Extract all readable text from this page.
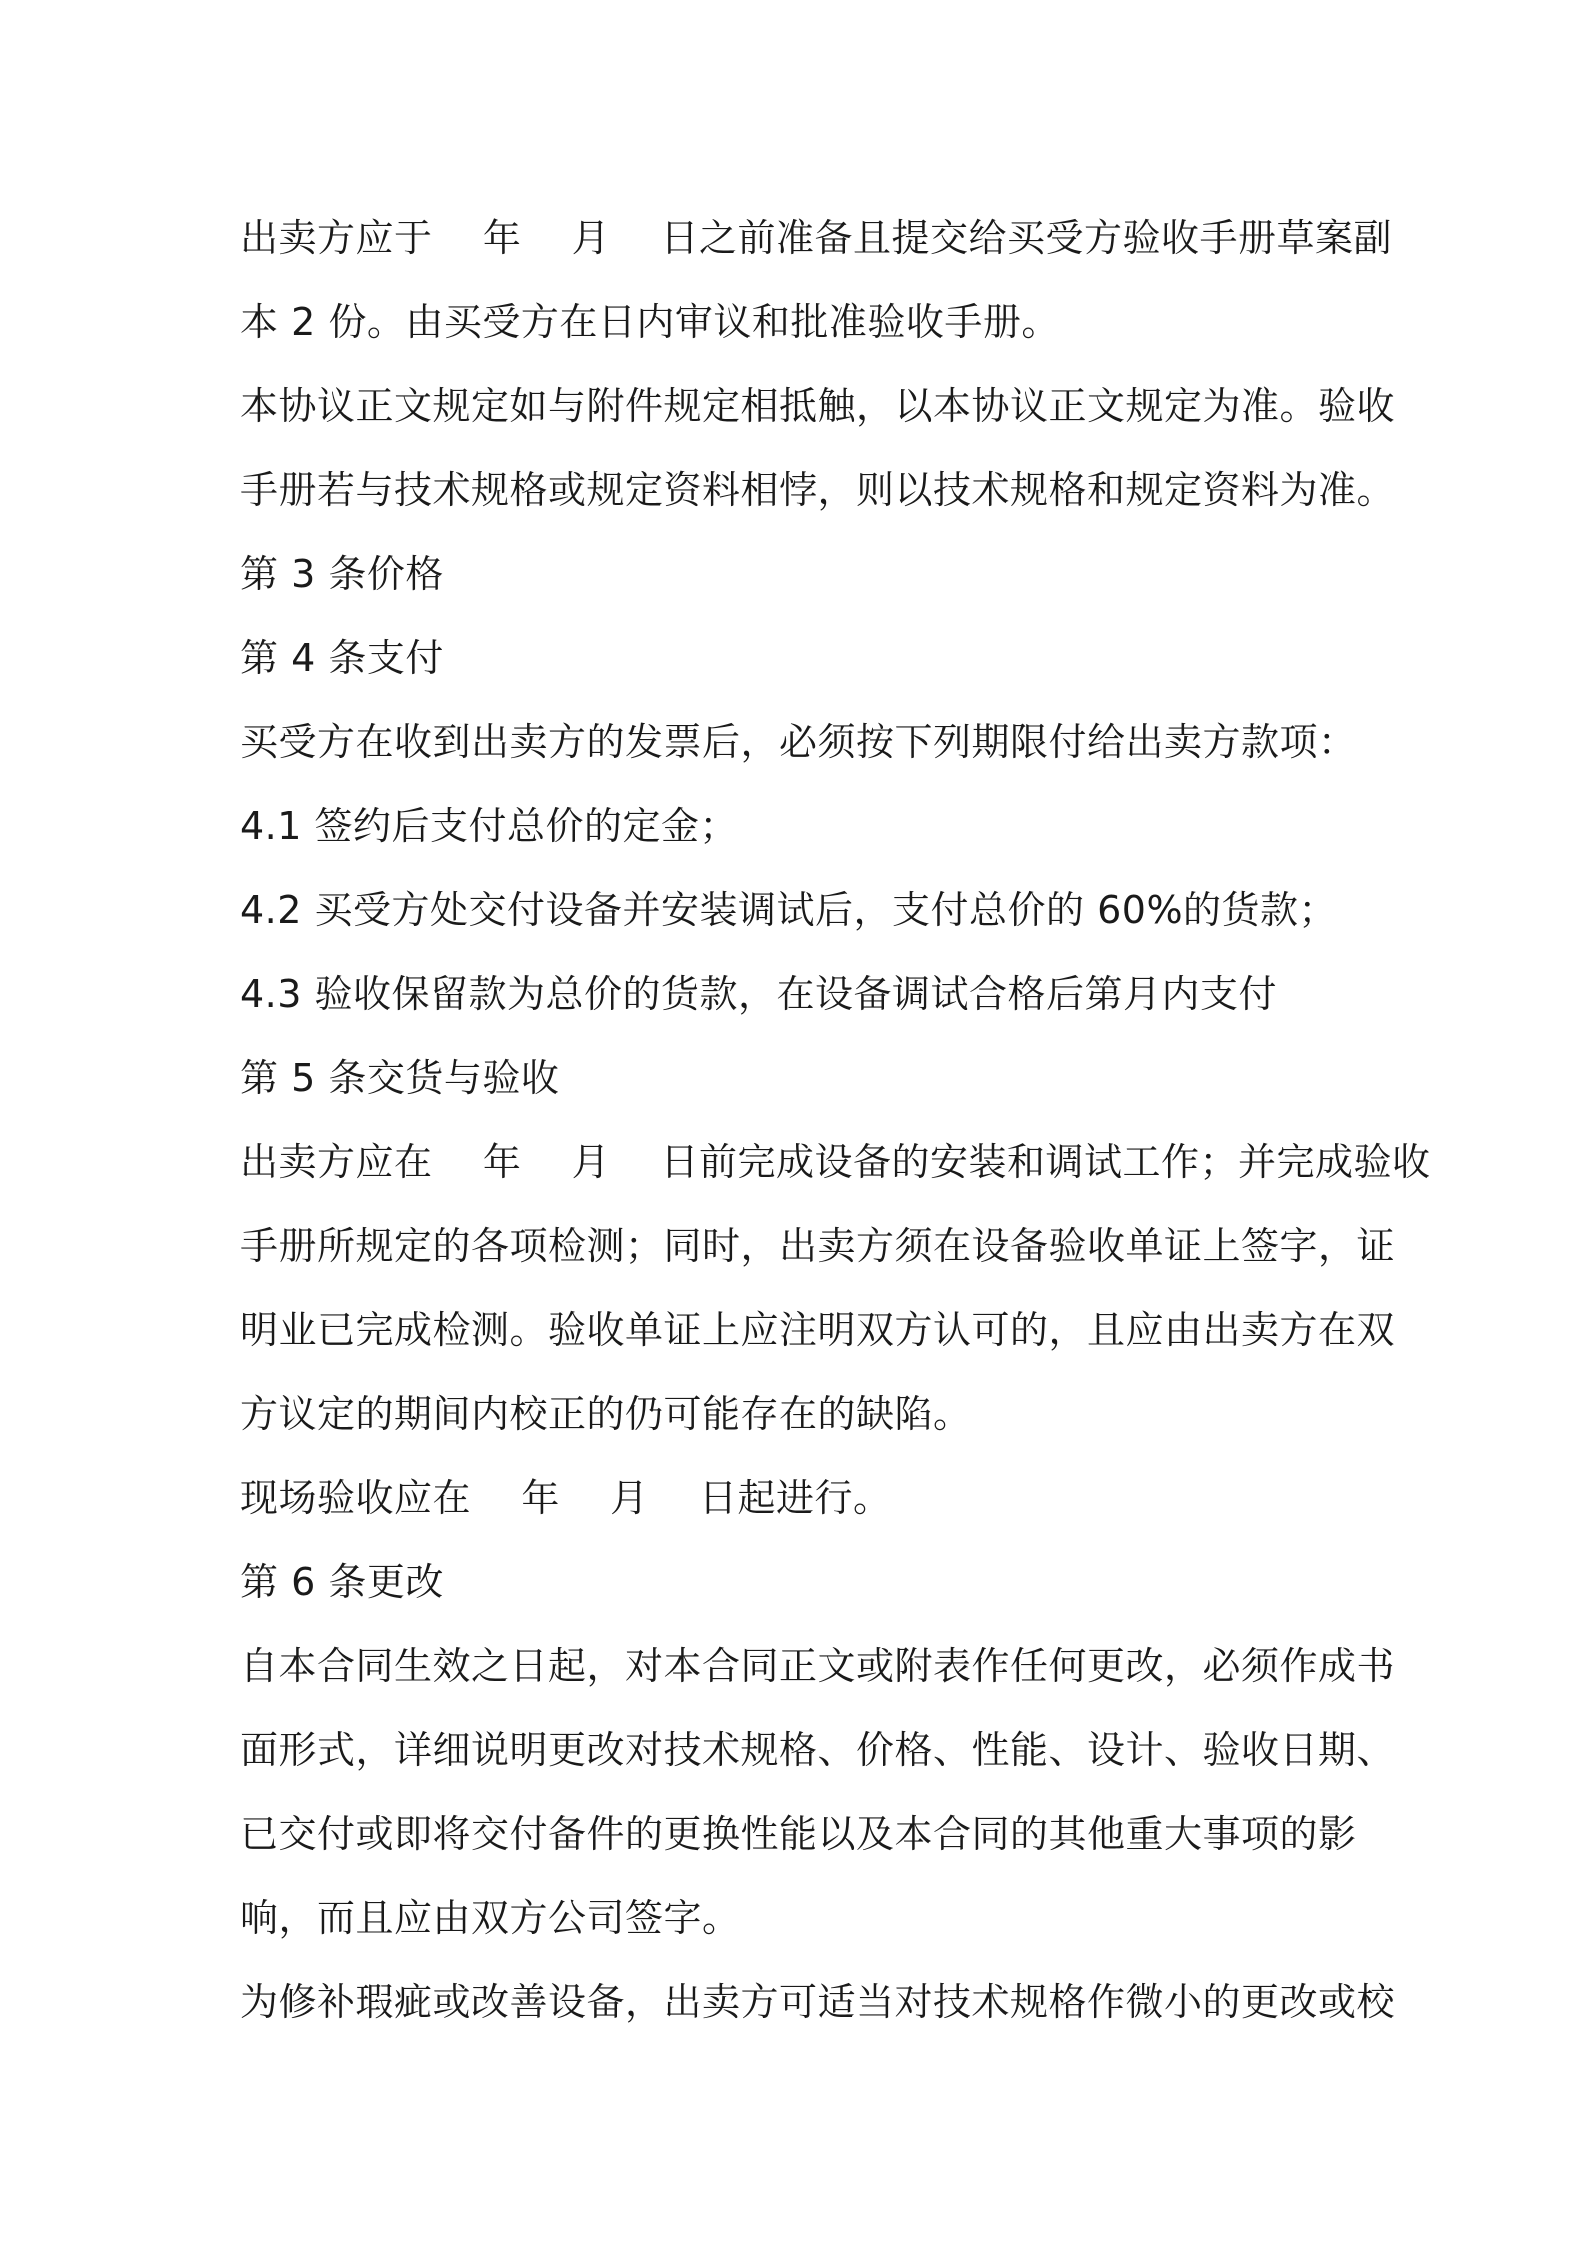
出卖方应于    年    月    日之前准备且提交给买受方验收手册草案副
本 2 份。由买受方在日内审议和批准验收手册。
本协议正文规定如与附件规定相抵触，以本协议正文规定为准。验收
手册若与技术规格或规定资料相悖，则以技术规格和规定资料为准。
第 3 条价格
第 4 条支付
买受方在收到出卖方的发票后，必须按下列期限付给出卖方款项：
4.1 签约后支付总价的定金；
4.2 买受方处交付设备并安装调试后，支付总价的 60%的货款；
4.3 验收保留款为总价的货款，在设备调试合格后第月内支付
第 5 条交货与验收
出卖方应在    年    月    日前完成设备的安装和调试工作；并完成验收
手册所规定的各项检测；同时，出卖方须在设备验收单证上签字，证
明业已完成检测。验收单证上应注明双方认可的，且应由出卖方在双
方议定的期间内校正的仍可能存在的缺陷。
现场验收应在    年    月    日起进行。
第 6 条更改
自本合同生效之日起，对本合同正文或附表作任何更改，必须作成书
面形式，详细说明更改对技术规格、价格、性能、设计、验收日期、
已交付或即将交付备件的更换性能以及本合同的其他重大事项的影
响，而且应由双方公司签字。
为修补瑕疵或改善设备，出卖方可适当对技术规格作微小的更改或校
